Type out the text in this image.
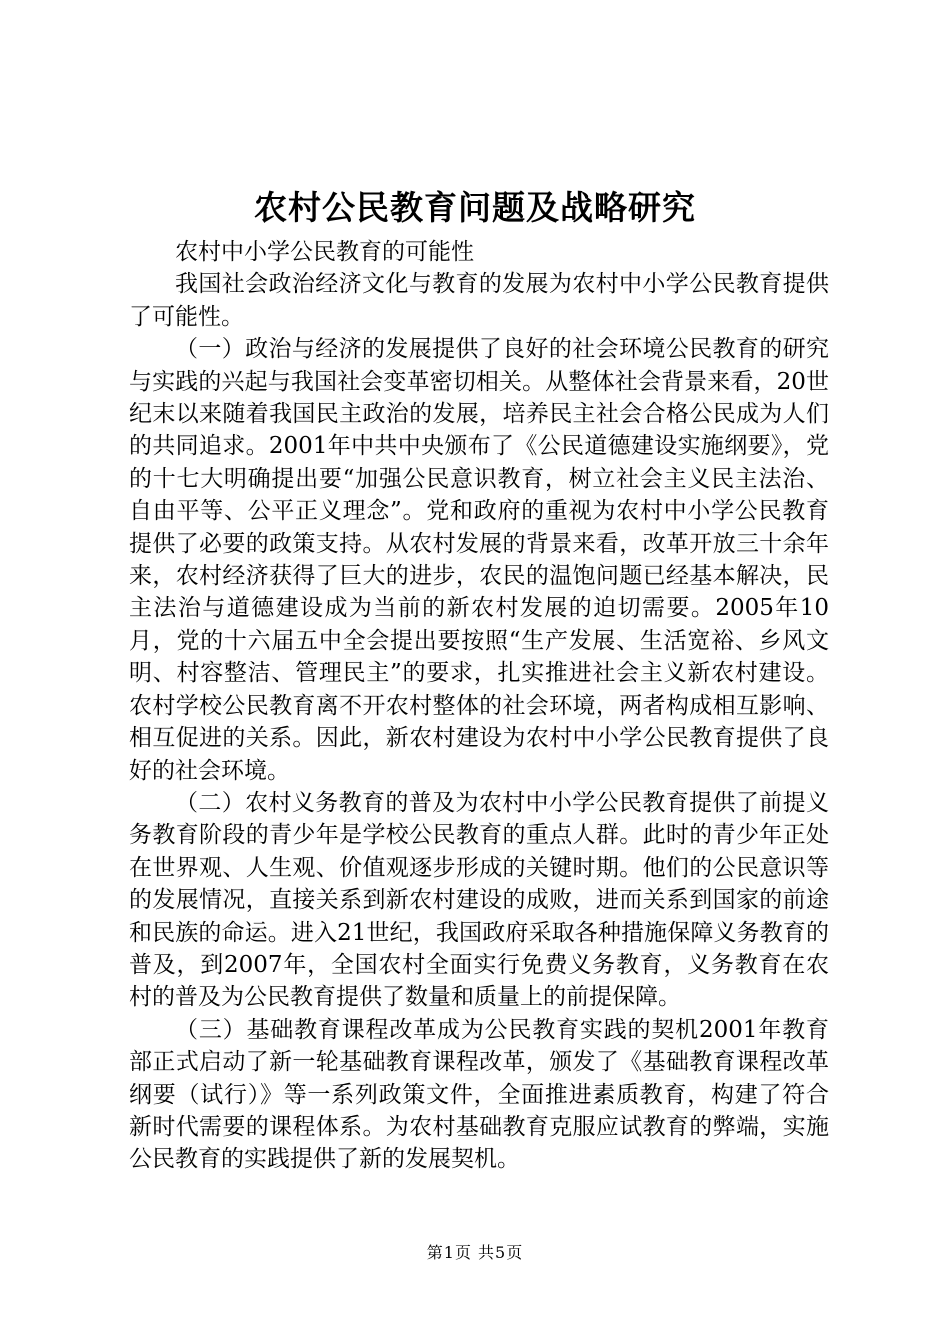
农村公民教育问题及战略研究

农村中小学公民教育的可能性

我国社会政治经济文化与教育的发展为农村中小学公民教育提供了可能性。

（一）政治与经济的发展提供了良好的社会环境公民教育的研究与实践的兴起与我国社会变革密切相关。从整体社会背景来看，20世纪末以来随着我国民主政治的发展，培养民主社会合格公民成为人们的共同追求。2001年中共中央颁布了《公民道德建设实施纲要》，党的十七大明确提出要“加强公民意识教育，树立社会主义民主法治、自由平等、公平正义理念”。党和政府的重视为农村中小学公民教育提供了必要的政策支持。从农村发展的背景来看，改革开放三十余年来，农村经济获得了巨大的进步，农民的温饱问题已经基本解决，民主法治与道德建设成为当前的新农村发展的迫切需要。2005年10月，党的十六届五中全会提出要按照“生产发展、生活宽裕、乡风文明、村容整洁、管理民主”的要求，扎实推进社会主义新农村建设。农村学校公民教育离不开农村整体的社会环境，两者构成相互影响、相互促进的关系。因此，新农村建设为农村中小学公民教育提供了良好的社会环境。

（二）农村义务教育的普及为农村中小学公民教育提供了前提义务教育阶段的青少年是学校公民教育的重点人群。此时的青少年正处在世界观、人生观、价值观逐步形成的关键时期。他们的公民意识等的发展情况，直接关系到新农村建设的成败，进而关系到国家的前途和民族的命运。进入21世纪，我国政府采取各种措施保障义务教育的普及，到2007年，全国农村全面实行免费义务教育，义务教育在农村的普及为公民教育提供了数量和质量上的前提保障。

（三）基础教育课程改革成为公民教育实践的契机2001年教育部正式启动了新一轮基础教育课程改革，颁发了《基础教育课程改革纲要（试行）》等一系列政策文件，全面推进素质教育，构建了符合新时代需要的课程体系。为农村基础教育克服应试教育的弊端，实施公民教育的实践提供了新的发展契机。

第1页 共5页
